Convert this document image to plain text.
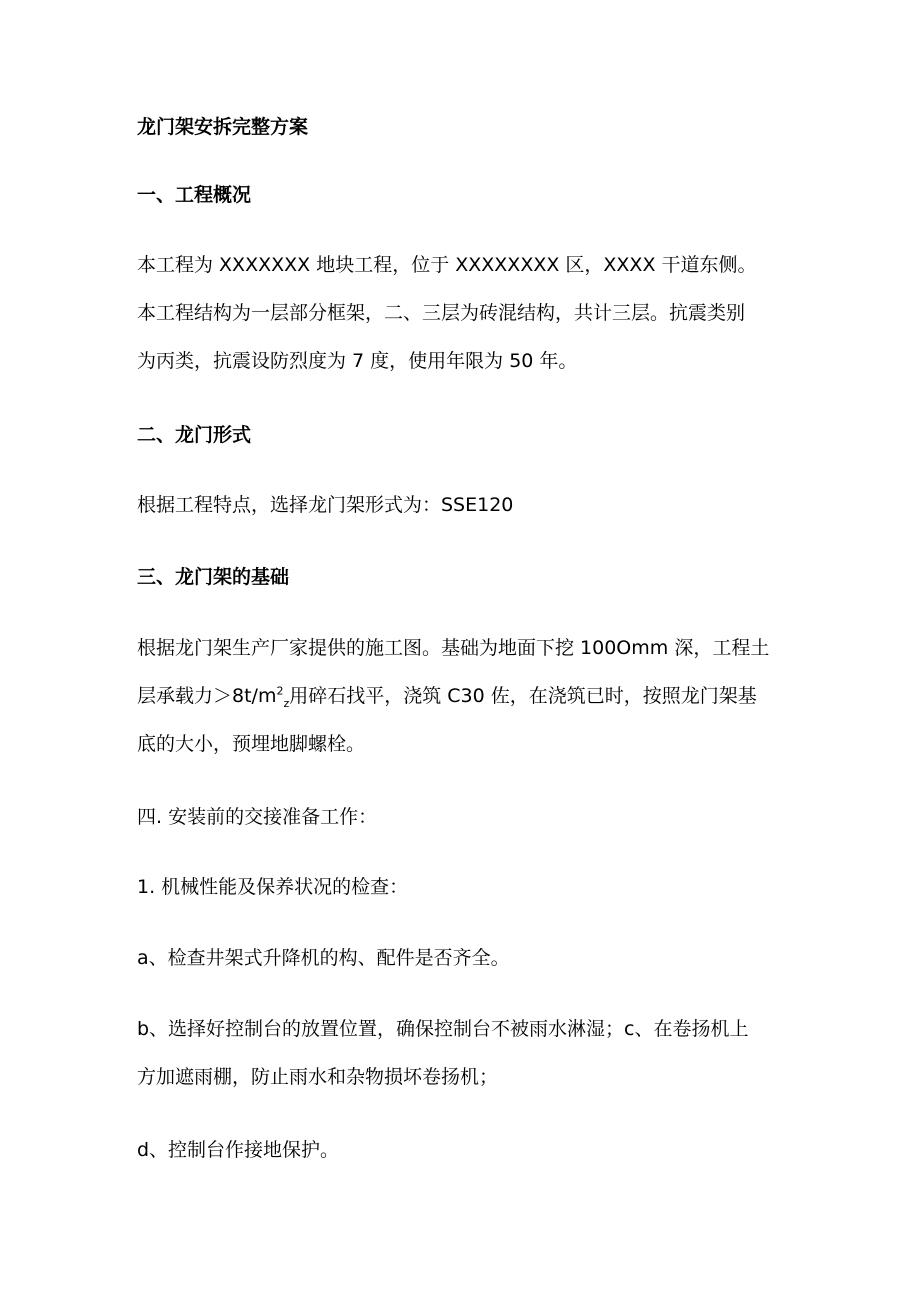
龙门架安拆完整方案

一、工程概况

本工程为 XXXXXXX 地块工程，位于 XXXXXXXX 区，XXXX 干道东侧。
本工程结构为一层部分框架，二、三层为砖混结构，共计三层。抗震类别
为丙类，抗震设防烈度为 7 度，使用年限为 50 年。

二、龙门形式

根据工程特点，选择龙门架形式为：SSE120

三、龙门架的基础

根据龙门架生产厂家提供的施工图。基础为地面下挖 100Omm 深，工程土
层承载力$>8t/m^2_z$用碎石找平，浇筑 C30 佐，在浇筑已时，按照龙门架基
底的大小，预埋地脚螺栓。

四. 安装前的交接准备工作：

1. 机械性能及保养状况的检查：

a、检查井架式升降机的构、配件是否齐全。

b、选择好控制台的放置位置，确保控制台不被雨水淋湿；c、在卷扬机上
方加遮雨棚，防止雨水和杂物损坏卷扬机；

d、控制台作接地保护。
